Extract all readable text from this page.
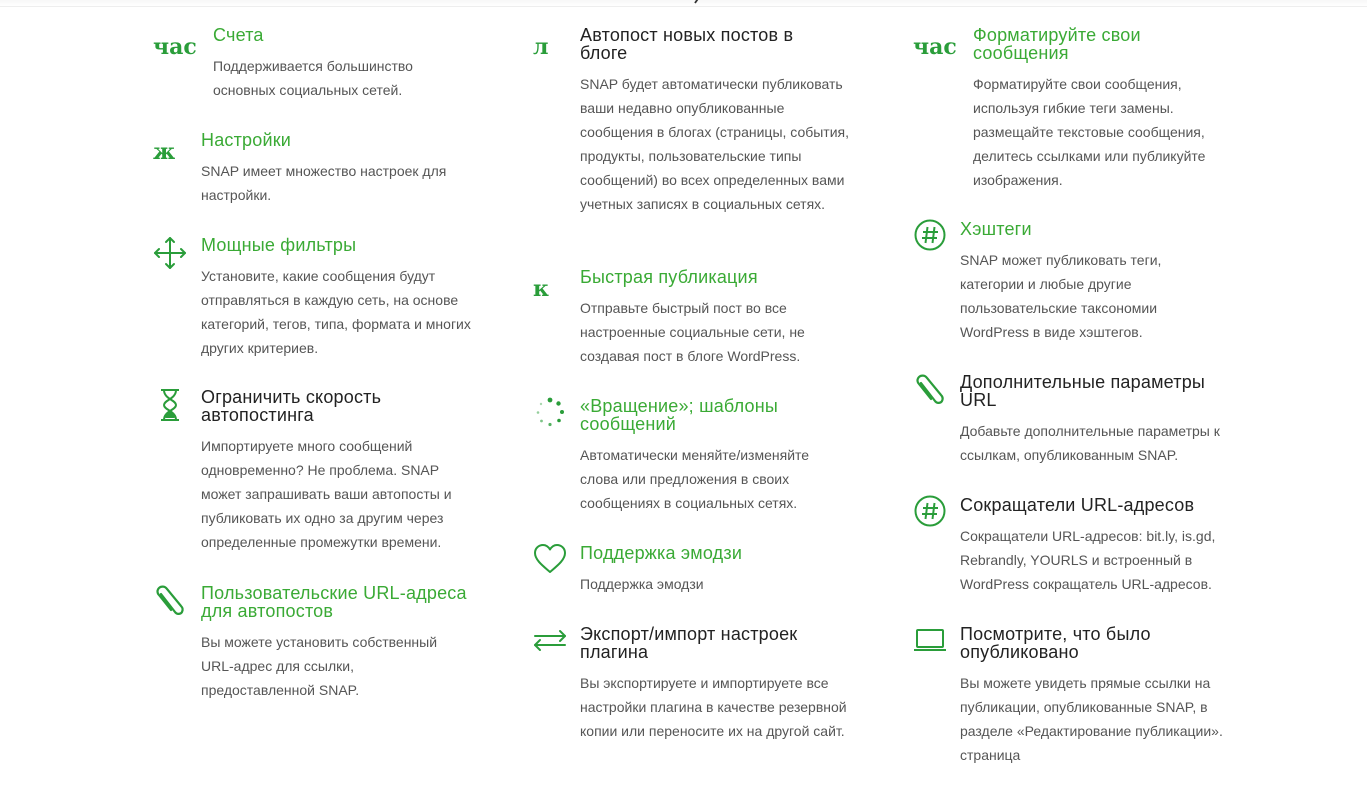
час Счета

Поддерживается большинство основных социальных сетей.

ж	Настройки

SNAP имеет множество настроек для настройки.

Мощные фильтры

Установите, какие сообщения будут отправляться в каждую сеть, на основе категорий, тегов, типа, формата и многих других критериев.

Ограничить скорость автопостинга

Импортируете много сообщений одновременно? Не проблема. SNAP может запрашивать ваши автопосты и публиковать их одно за другим через определенные промежутки времени.

Пользовательские URL-адреса для автопостов

Вы можете установить собственный URL-адрес для ссылки, предоставленной SNAP.

л	Автопост новых постов в блоге

SNAP будет автоматически публиковать ваши недавно опубликованные сообщения в блогах (страницы, события, продукты, пользовательские типы сообщений) во всех определенных вами учетных записях в социальных сетях.

к	Быстрая публикация

Отправьте быстрый пост во все настроенные социальные сети, не создавая пост в блоге WordPress.

«Вращение»; шаблоны сообщений

Автоматически меняйте/изменяйте слова или предложения в своих сообщениях в социальных сетях.

Поддержка эмодзи

Поддержка эмодзи

Экспорт/импорт настроек плагина

Вы экспортируете и импортируете все настройки плагина в качестве резервной копии или переносите их на другой сайт.

час Форматируйте свои сообщения

Форматируйте свои сообщения, используя гибкие теги замены. размещайте текстовые сообщения, делитесь ссылками или публикуйте изображения.

Хэштеги

SNAP может публиковать теги, категории и любые другие пользовательские таксономии WordPress в виде хэштегов.

Дополнительные параметры URL

Добавьте дополнительные параметры к ссылкам, опубликованным SNAP.

Сокращатели URL-адресов

Сокращатели URL-адресов: bit.ly, is.gd, Rebrandly, YOURLS и встроенный в WordPress сокращатель URL-адресов.

Посмотрите, что было опубликовано

Вы можете увидеть прямые ссылки на публикации, опубликованные SNAP, в разделе «Редактирование публикации». страница
